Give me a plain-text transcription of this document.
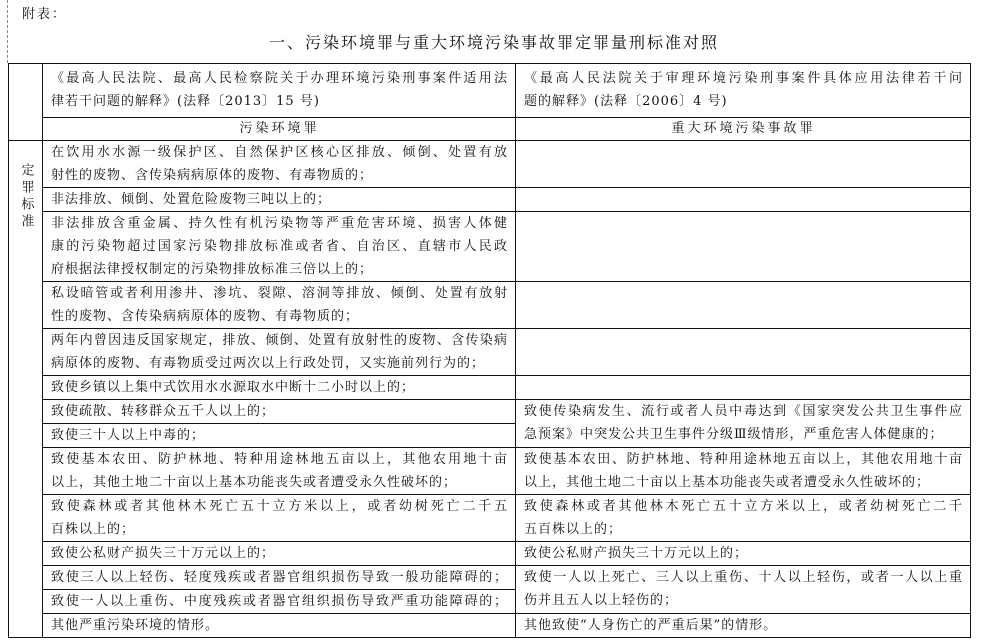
附表：
一、污染环境罪与重大环境污染事故罪定罪量刑标准对照

	《最高人民法院、最高人民检察院关于办理环境污染刑事案件适用法
律若干问题的解释》(法释〔2013〕15 号)	《最高人民法院关于审理环境污染刑事案件具体应用法律若干问
题的解释》(法释〔2006〕4 号)

	污染环境罪	重大环境污染事故罪
定罪标准	在饮用水水源一级保护区、自然保护区核心区排放、倾倒、处置有放
射性的废物、含传染病病原体的废物、有毒物质的；	

	非法排放、倾倒、处置危险废物三吨以上的；	

	非法排放含重金属、持久性有机污染物等严重危害环境、损害人体健
康的污染物超过国家污染物排放标准或者省、自治区、直辖市人民政
府根据法律授权制定的污染物排放标准三倍以上的；	

	私设暗管或者利用渗井、渗坑、裂隙、溶洞等排放、倾倒、处置有放射
性的废物、含传染病病原体的废物、有毒物质的；	

	两年内曾因违反国家规定，排放、倾倒、处置有放射性的废物、含传染病
病原体的废物、有毒物质受过两次以上行政处罚，又实施前列行为的；	

	致使乡镇以上集中式饮用水水源取水中断十二小时以上的；	

	致使疏散、转移群众五千人以上的；	致使传染病发生、流行或者人员中毒达到《国家突发公共卫生事件应
急预案》中突发公共卫生事件分级Ⅲ级情形，严重危害人体健康的；

	致使三十人以上中毒的；	

	致使基本农田、防护林地、特种用途林地五亩以上，其他农用地十亩
以上，其他土地二十亩以上基本功能丧失或者遭受永久性破坏的；	致使基本农田、防护林地、特种用途林地五亩以上，其他农用地十亩
以上，其他土地二十亩以上基本功能丧失或者遭受永久性破坏的；

	致使森林或者其他林木死亡五十立方米以上，或者幼树死亡二千五
百株以上的；	致使森林或者其他林木死亡五十立方米以上，或者幼树死亡二千
五百株以上的；

	致使公私财产损失三十万元以上的；	致使公私财产损失三十万元以上的；

	致使三人以上轻伤、轻度残疾或者器官组织损伤导致一般功能障碍的；	致使一人以上死亡、三人以上重伤、十人以上轻伤，或者一人以上重
伤并且五人以上轻伤的；

	致使一人以上重伤、中度残疾或者器官组织损伤导致严重功能障碍的；	

	其他严重污染环境的情形。	其他致使“人身伤亡的严重后果”的情形。
